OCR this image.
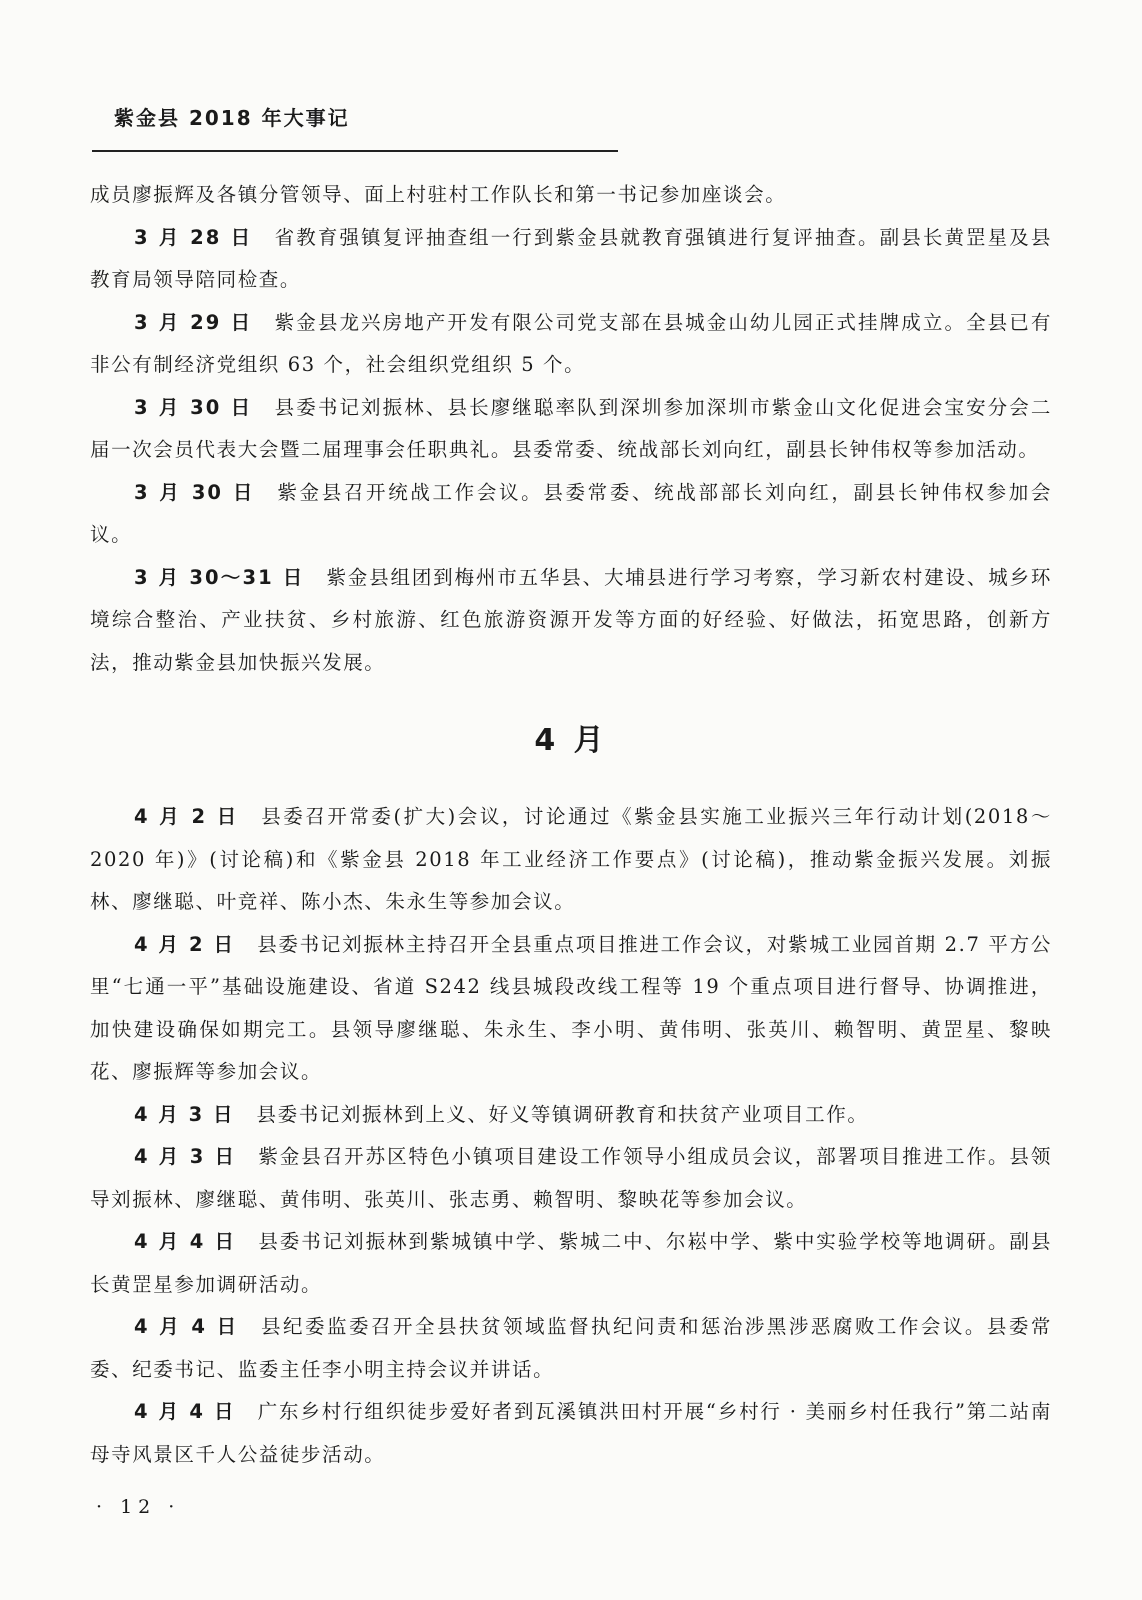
紫金县 2018 年大事记

成员廖振辉及各镇分管领导、面上村驻村工作队长和第一书记参加座谈会。

3 月 28 日 省教育强镇复评抽查组一行到紫金县就教育强镇进行复评抽查。副县长黄罡星及县教育局领导陪同检查。

3 月 29 日 紫金县龙兴房地产开发有限公司党支部在县城金山幼儿园正式挂牌成立。全县已有非公有制经济党组织 63 个，社会组织党组织 5 个。

3 月 30 日 县委书记刘振林、县长廖继聪率队到深圳参加深圳市紫金山文化促进会宝安分会二届一次会员代表大会暨二届理事会任职典礼。县委常委、统战部长刘向红，副县长钟伟权等参加活动。

3 月 30 日 紫金县召开统战工作会议。县委常委、统战部部长刘向红，副县长钟伟权参加会议。

3 月 30～31 日 紫金县组团到梅州市五华县、大埔县进行学习考察，学习新农村建设、城乡环境综合整治、产业扶贫、乡村旅游、红色旅游资源开发等方面的好经验、好做法，拓宽思路，创新方法，推动紫金县加快振兴发展。

4 月

4 月 2 日 县委召开常委(扩大)会议，讨论通过《紫金县实施工业振兴三年行动计划(2018～2020 年)》(讨论稿)和《紫金县 2018 年工业经济工作要点》(讨论稿)，推动紫金振兴发展。刘振林、廖继聪、叶竞祥、陈小杰、朱永生等参加会议。

4 月 2 日 县委书记刘振林主持召开全县重点项目推进工作会议，对紫城工业园首期 2.7 平方公里“七通一平”基础设施建设、省道 S242 线县城段改线工程等 19 个重点项目进行督导、协调推进，加快建设确保如期完工。县领导廖继聪、朱永生、李小明、黄伟明、张英川、赖智明、黄罡星、黎映花、廖振辉等参加会议。

4 月 3 日 县委书记刘振林到上义、好义等镇调研教育和扶贫产业项目工作。

4 月 3 日 紫金县召开苏区特色小镇项目建设工作领导小组成员会议，部署项目推进工作。县领导刘振林、廖继聪、黄伟明、张英川、张志勇、赖智明、黎映花等参加会议。

4 月 4 日 县委书记刘振林到紫城镇中学、紫城二中、尔崧中学、紫中实验学校等地调研。副县长黄罡星参加调研活动。

4 月 4 日 县纪委监委召开全县扶贫领域监督执纪问责和惩治涉黑涉恶腐败工作会议。县委常委、纪委书记、监委主任李小明主持会议并讲话。

4 月 4 日 广东乡村行组织徒步爱好者到瓦溪镇洪田村开展“乡村行 · 美丽乡村任我行”第二站南母寺风景区千人公益徒步活动。

· 12 ·
